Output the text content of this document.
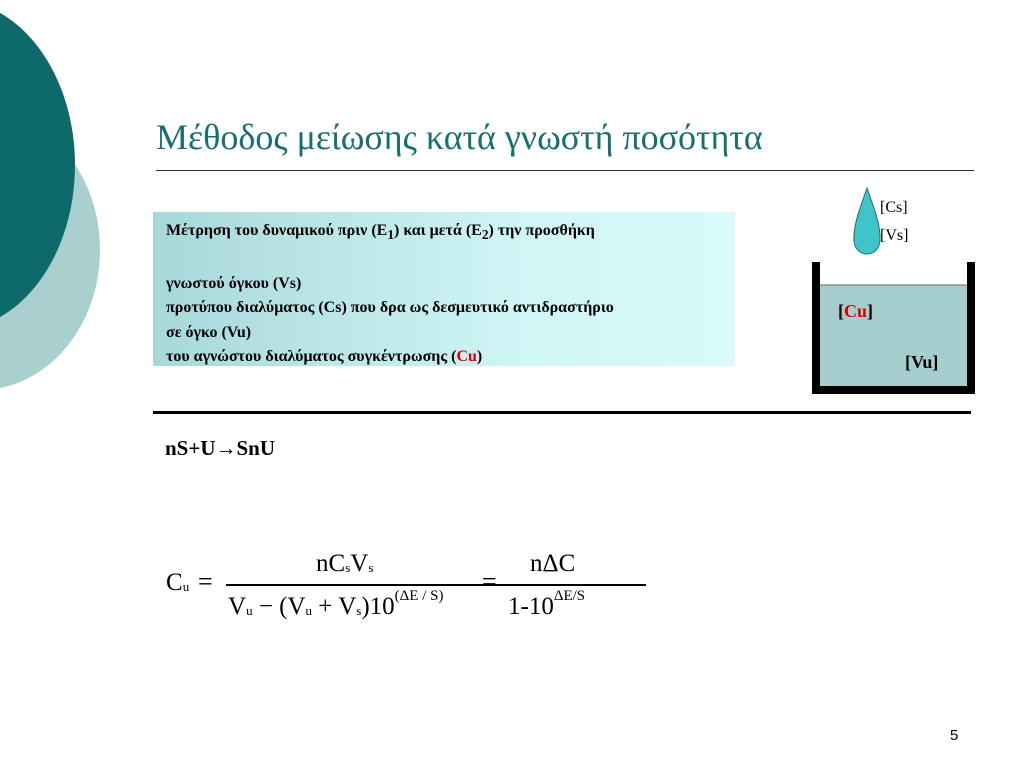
Μέθοδος μείωσης κατά γνωστή ποσότητα
Μέτρηση του δυναμικού πριν $(E_1)$ και μετά $(E_2)$ την προσθήκη
γνωστού όγκου (Vs)
προτύπου διαλύματος (Cs) που δρα ως δεσμευτικό αντιδραστήριο
σε όγκο (Vu)
του αγνώστου διαλύματος συγκέντρωσης (Cu)
[Cs]
[Vs]
[Cu]
[Vu]
nS+U→SnU
$C_u$ =
$nC_sV_s$
$V_u - (V_u + V_s)10^{(\Delta E / S)}$ =
nΔC
$1-10^{\Delta E/S}$
5
